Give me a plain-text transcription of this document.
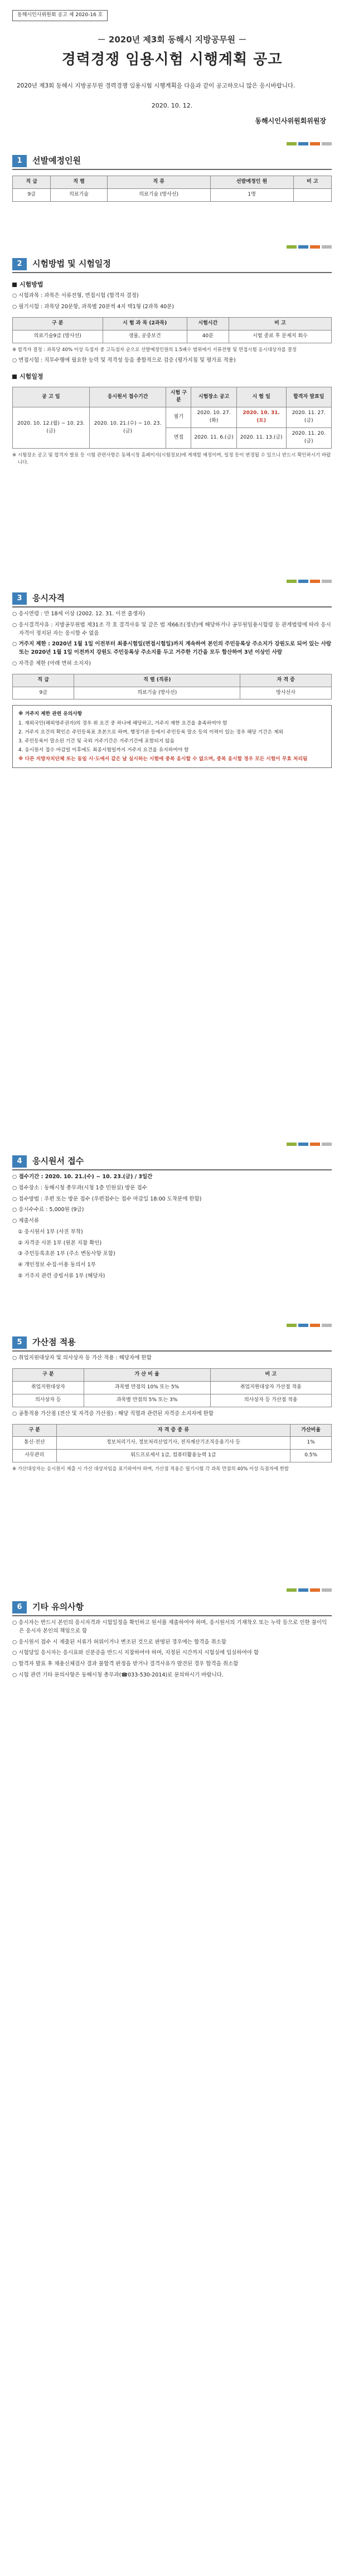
동해시인사위원회 공고 제 2020-16 호
－ 2020년 제3회 동해시 지방공무원 －
경력경쟁 임용시험 시행계획 공고
2020년 제3회 동해시 지방공무원 경력경쟁 임용시험 시행계획을 다음과 같이 공고하오니 많은 응시바랍니다.
2020. 10. 12.
동해시인사위원회위원장
1	선발예정인원
직 급	직 렬	직 류	선발예정인 원	비 고
9급	의료기술	의료기술 (방사선)	1명	
2	시험방법 및 시험일정
시험방법
○ 시험과목 : 과목은 서류전형, 면접시험 (합격자 결정)
○ 필기시험 : 과목당 20문항, 과목별 20분씩 4지 택1형 (2과목 40분)
구 분	시 험 과 목 (2과목)	시험시간	비 고
의료기술9급 (방사선)	생물, 공중보건	40분	시험 종료 후 문제지 회수
※ 합격자 결정 : 과목당 40% 이상 득점자 중 고득점자 순으로 선발예정인원의 1.5배수 범위에서 서류전형 및 면접시험 응시대상자를 결정
○ 면접시험 : 직무수행에 필요한 능력 및 적격성 등을 종합적으로 검증 (평가지침 및 평가표 적용)
시험일정
공 고 일	응시원서 접수기간	시험 구분	시험장소 공고	시 험 일	합격자 발표일
2020. 10. 12.(월) ~ 10. 23.(금)	2020. 10. 21.(수) ~ 10. 23.(금)	필기	2020. 10. 27.(화)	2020. 10. 31.(토)	2020. 11. 27.(금)
		면접	2020. 11. 6.(금)	2020. 11. 13.(금)	2020. 11. 20.(금)
※ 시험장소 공고 및 합격자 발표 등 시험 관련사항은 동해시청 홈페이지(시험정보)에 게재할 예정이며, 일정 등이 변경될 수 있으니 반드시 확인하시기 바랍니다.
3	응시자격
○ 응시연령 : 만 18세 이상 (2002. 12. 31. 이전 출생자)
○ 응시결격사유 : 지방공무원법 제31조 각 호 결격사유 및 같은 법 제66조(정년)에 해당하거나 공무원임용시험령 등 관계법령에 따라 응시자격이 정지된 자는 응시할 수 없음
○ 거주지 제한 : 2020년 1월 1일 이전부터 최종시험일(면접시험일)까지 계속하여 본인의 주민등록상 주소지가 강원도로 되어 있는 사람 또는 2020년 1월 1일 이전까지 강원도 주민등록상 주소지를 두고 거주한 기간을 모두 합산하여 3년 이상인 사람
○ 자격증 제한 (아래 면허 소지자)
직 급	직 렬 (직류)	자 격 증
9급	의료기술 (방사선)	방사선사
※ 거주지 제한 관련 유의사항
1. 재외국민(해외영주권자)의 경우 위 요건 중 하나에 해당하고, 거주지 제한 요건을 충족하여야 함
2. 거주지 요건의 확인은 주민등록표 초본으로 하며, 행정기관 등에서 주민등록 말소 등의 이력이 있는 경우 해당 기간은 제외
3. 주민등록이 말소된 기간 및 국외 거주기간은 거주기간에 포함되지 않음
4. 응시원서 접수 마감일 이후에도 최종시험일까지 거주지 요건을 유지하여야 함
※ 다른 지방자치단체 또는 동일 시·도에서 같은 날 실시하는 시험에 중복 응시할 수 없으며, 중복 응시할 경우 모든 시험이 무효 처리됨
4	응시원서 접수
○ 접수기간 : 2020. 10. 21.(수) ~ 10. 23.(금) / 3일간
○ 접수장소 : 동해시청 총무과(시청 1층 민원실) 방문 접수
○ 접수방법 : 우편 또는 방문 접수 (우편접수는 접수 마감일 18:00 도착분에 한함)
○ 응시수수료 : 5,000원 (9급)
○ 제출서류
① 응시원서 1부 (사진 부착)
② 자격증 사본 1부 (원본 지참 확인)
③ 주민등록초본 1부 (주소 변동사항 포함)
④ 개인정보 수집·이용 동의서 1부
⑤ 거주지 관련 증빙서류 1부 (해당자)
5	가산점 적용
○ 취업지원대상자 및 의사상자 등 가산 적용 : 해당자에 한함
구 분	가 산 비 율	비 고
취업지원대상자	과목별 만점의 10% 또는 5%	취업지원대상자 가산점 적용
의사상자 등	과목별 만점의 5% 또는 3%	의사상자 등 가산점 적용
○ 공통적용 가산점 (전산 및 자격증 가산점) : 해당 직렬과 관련된 자격증 소지자에 한함
구 분	자 격 증 종 류	가산비율
통신·전산	정보처리기사, 정보처리산업기사, 전자계산기조직응용기사 등	1%
사무관리	워드프로세서 1급, 컴퓨터활용능력 1급	0.5%
※ 가산대상자는 응시원서 제출 시 가산 대상자임을 표기하여야 하며, 가산점 적용은 필기시험 각 과목 만점의 40% 이상 득점자에 한함
6	기타 유의사항
○ 응시자는 반드시 본인의 응시자격과 시험일정을 확인하고 원서를 제출하여야 하며, 응시원서의 기재착오 또는 누락 등으로 인한 불이익은 응시자 본인의 책임으로 함
○ 응시원서 접수 시 제출된 서류가 허위이거나 변조된 것으로 판명된 경우에는 합격을 취소함
○ 시험당일 응시자는 응시표와 신분증을 반드시 지참하여야 하며, 지정된 시간까지 시험실에 입실하여야 함
○ 합격자 발표 후 채용신체검사 결과 불합격 판정을 받거나 결격사유가 발견된 경우 합격을 취소함
○ 시험 관련 기타 문의사항은 동해시청 총무과(☎033-530-2014)로 문의하시기 바랍니다.
